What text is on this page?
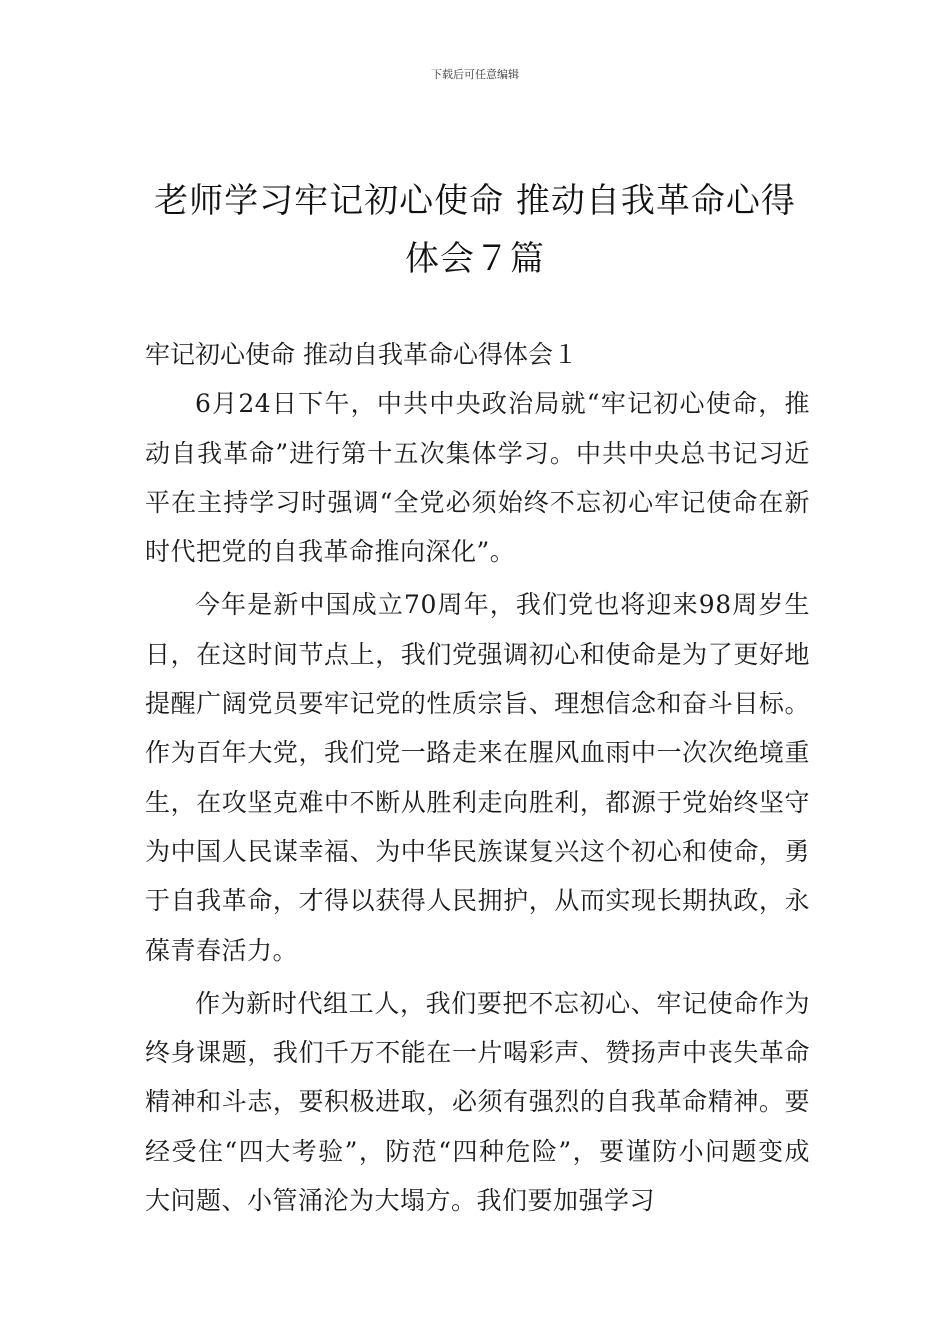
下载后可任意编辑
老师学习牢记初心使命 推动自我革命心得
体会７篇

牢记初心使命 推动自我革命心得体会１

6月24日下午，中共中央政治局就“牢记初心使命，推动自我革命”进行第十五次集体学习。中共中央总书记习近平在主持学习时强调“全党必须始终不忘初心牢记使命在新时代把党的自我革命推向深化”。

今年是新中国成立70周年，我们党也将迎来98周岁生日，在这时间节点上，我们党强调初心和使命是为了更好地提醒广阔党员要牢记党的性质宗旨、理想信念和奋斗目标。作为百年大党，我们党一路走来在腥风血雨中一次次绝境重生，在攻坚克难中不断从胜利走向胜利，都源于党始终坚守为中国人民谋幸福、为中华民族谋复兴这个初心和使命，勇于自我革命，才得以获得人民拥护，从而实现长期执政，永葆青春活力。

作为新时代组工人，我们要把不忘初心、牢记使命作为终身课题，我们千万不能在一片喝彩声、赞扬声中丧失革命精神和斗志，要积极进取，必须有强烈的自我革命精神。要经受住“四大考验”，防范“四种危险”，要谨防小问题变成大问题、小管涌沦为大塌方。我们要加强学习
